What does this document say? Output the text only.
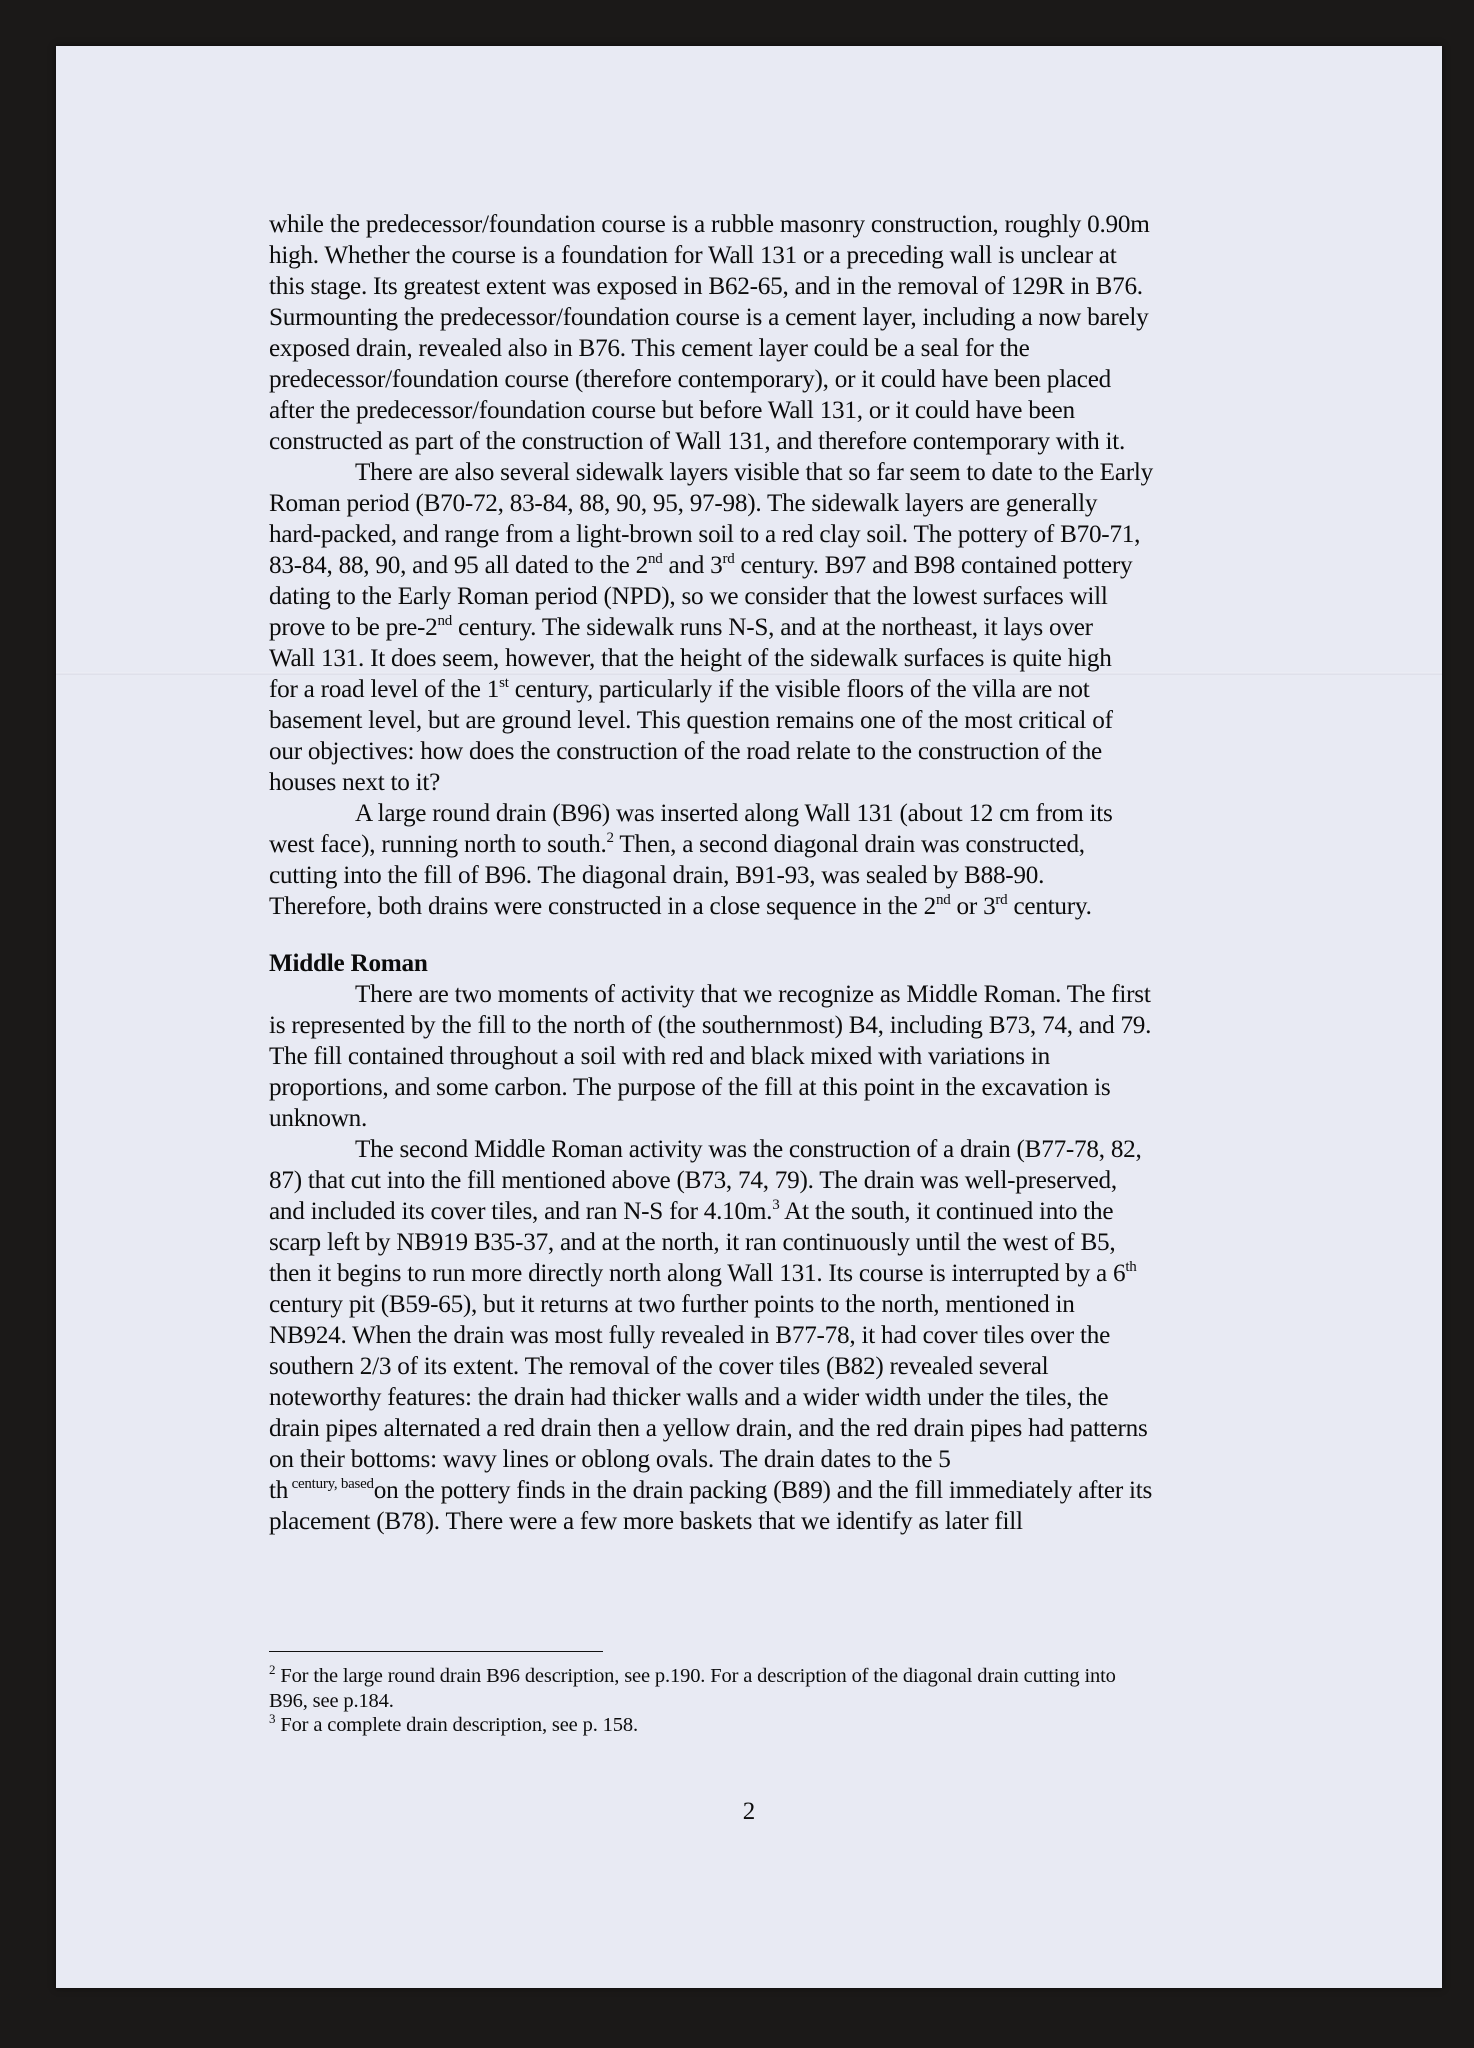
while the predecessor/foundation course is a rubble masonry construction, roughly 0.90m
high. Whether the course is a foundation for Wall 131 or a preceding wall is unclear at
this stage. Its greatest extent was exposed in B62-65, and in the removal of 129R in B76.
Surmounting the predecessor/foundation course is a cement layer, including a now barely
exposed drain, revealed also in B76. This cement layer could be a seal for the
predecessor/foundation course (therefore contemporary), or it could have been placed
after the predecessor/foundation course but before Wall 131, or it could have been
constructed as part of the construction of Wall 131, and therefore contemporary with it.
There are also several sidewalk layers visible that so far seem to date to the Early
Roman period (B70-72, 83-84, 88, 90, 95, 97-98). The sidewalk layers are generally
hard-packed, and range from a light-brown soil to a red clay soil. The pottery of B70-71,
83-84, 88, 90, and 95 all dated to the 2nd and 3rd century. B97 and B98 contained pottery
dating to the Early Roman period (NPD), so we consider that the lowest surfaces will
prove to be pre-2nd century. The sidewalk runs N-S, and at the northeast, it lays over
Wall 131. It does seem, however, that the height of the sidewalk surfaces is quite high
for a road level of the 1st century, particularly if the visible floors of the villa are not
basement level, but are ground level. This question remains one of the most critical of
our objectives: how does the construction of the road relate to the construction of the
houses next to it?
A large round drain (B96) was inserted along Wall 131 (about 12 cm from its
west face), running north to south.$^2$ Then, a second diagonal drain was constructed,
cutting into the fill of B96. The diagonal drain, B91-93, was sealed by B88-90.
Therefore, both drains were constructed in a close sequence in the 2nd or 3rd century.
Middle Roman
There are two moments of activity that we recognize as Middle Roman. The first
is represented by the fill to the north of (the southernmost) B4, including B73, 74, and 79.
The fill contained throughout a soil with red and black mixed with variations in
proportions, and some carbon. The purpose of the fill at this point in the excavation is
unknown.
The second Middle Roman activity was the construction of a drain (B77-78, 82,
87) that cut into the fill mentioned above (B73, 74, 79). The drain was well-preserved,
and included its cover tiles, and ran N-S for 4.10m.$^3$ At the south, it continued into the
scarp left by NB919 B35-37, and at the north, it ran continuously until the west of B5,
then it begins to run more directly north along Wall 131. Its course is interrupted by a 6th
century pit (B59-65), but it returns at two further points to the north, mentioned in
NB924. When the drain was most fully revealed in B77-78, it had cover tiles over the
southern 2/3 of its extent. The removal of the cover tiles (B82) revealed several
noteworthy features: the drain had thicker walls and a wider width under the tiles, the
drain pipes alternated a red drain then a yellow drain, and the red drain pipes had patterns
on their bottoms: wavy lines or oblong ovals. The drain dates to the 5
th $^{century, based}$on the pottery finds in the drain packing (B89) and the fill immediately after its
placement (B78). There were a few more baskets that we identify as later fill
$^2$ For the large round drain B96 description, see p.190. For a description of the diagonal drain cutting into
B96, see p.184.
$^3$ For a complete drain description, see p. 158.
2
